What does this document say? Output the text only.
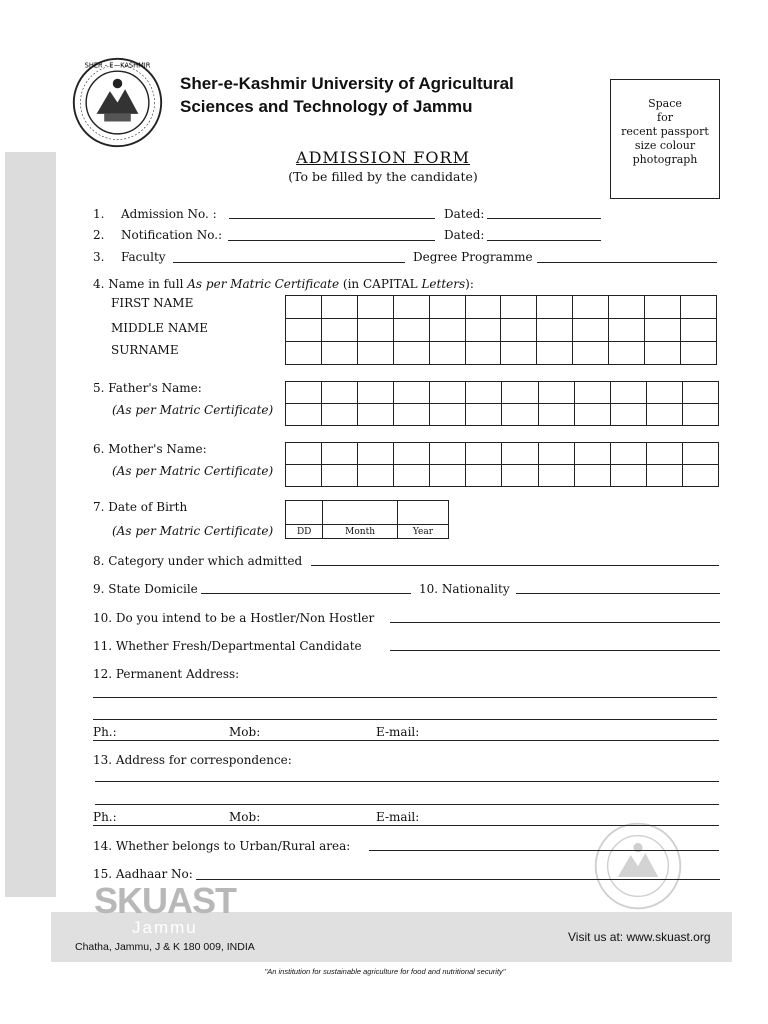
SHER - E - KASHMIR
Sher-e-Kashmir University of Agricultural
Sciences and Technology of Jammu	Space
for
recent passport
size colour
photograph
ADMISSION FORM
(To be filled by the candidate)
1. Admission No. :	Dated:
2. Notification No.:	Dated:
3. Faculty	Degree Programme
4. Name in full As per Matric Certificate (in CAPITAL Letters):
FIRST NAME
MIDDLE NAME
SURNAME

5. Father's Name:
(As per Matric Certificate)

6. Mother's Name:
(As per Matric Certificate)

7. Date of Birth
(As per Matric Certificate)
			DD	Month	Year
8. Category under which admitted
9. State Domicile	10. Nationality
10. Do you intend to be a Hostler/Non Hostler
11. Whether Fresh/Departmental Candidate
12. Permanent Address:
Ph.:	Mob:	E-mail:
13. Address for correspondence:
Ph.:	Mob:	E-mail:
14. Whether belongs to Urban/Rural area:
15. Aadhaar No:
SKUAST
Jammu
Chatha, Jammu, J & K 180 009, INDIA
Visit us at: www.skuast.org
"An institution for sustainable agriculture for food and nutritional security"
